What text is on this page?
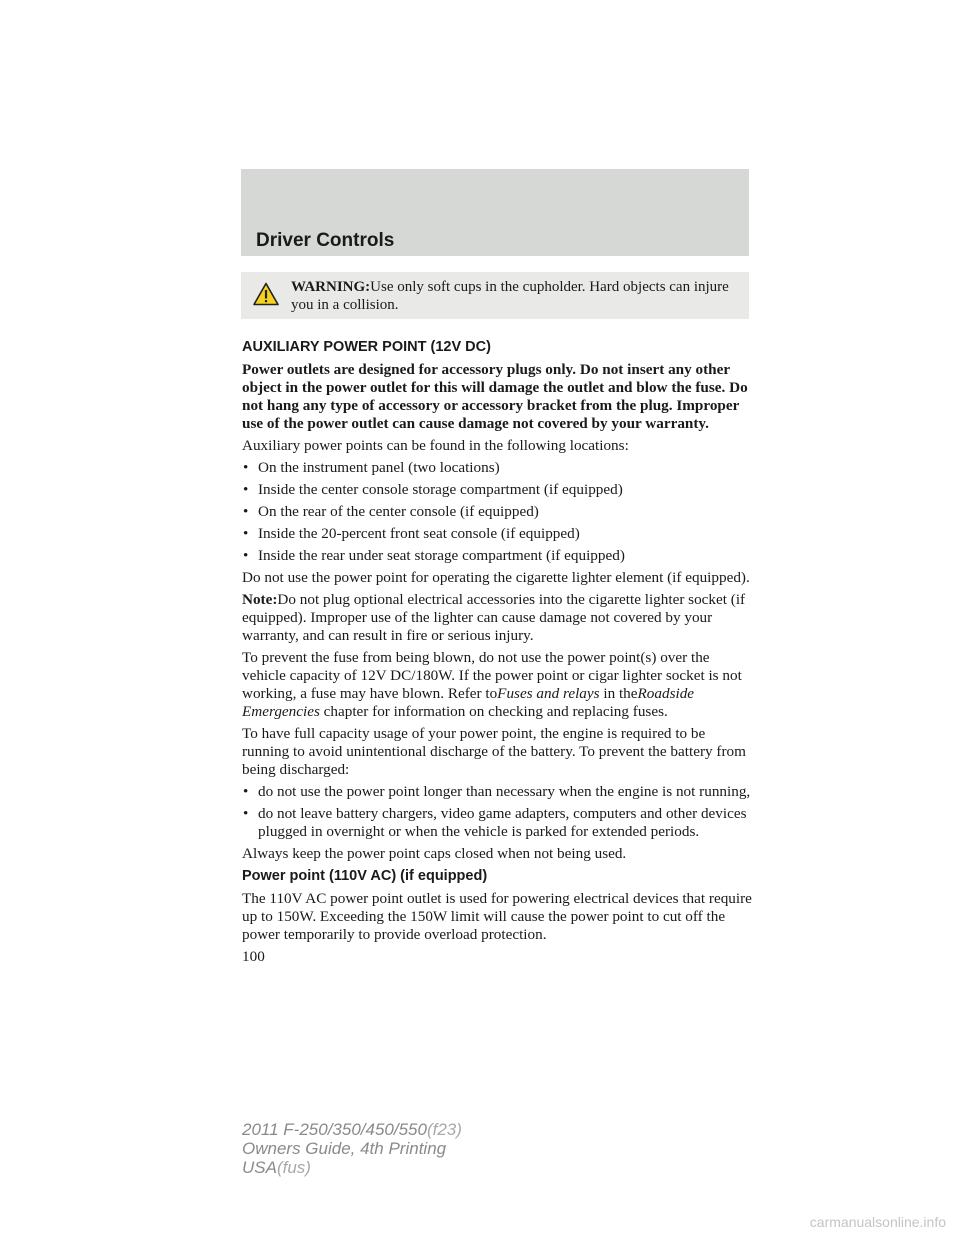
Driver Controls
WARNING:Use only soft cups in the cupholder. Hard objects can injure you in a collision.
AUXILIARY POWER POINT (12V DC)

Power outlets are designed for accessory plugs only. Do not insert any other object in the power outlet for this will damage the outlet and blow the fuse. Do not hang any type of accessory or accessory bracket from the plug. Improper use of the power outlet can cause damage not covered by your warranty.

Auxiliary power points can be found in the following locations:

• On the instrument panel (two locations)
• Inside the center console storage compartment (if equipped)
• On the rear of the center console (if equipped)
• Inside the 20-percent front seat console (if equipped)
• Inside the rear under seat storage compartment (if equipped)

Do not use the power point for operating the cigarette lighter element (if equipped).

Note:Do not plug optional electrical accessories into the cigarette lighter socket (if equipped). Improper use of the lighter can cause damage not covered by your warranty, and can result in fire or serious injury.

To prevent the fuse from being blown, do not use the power point(s) over the vehicle capacity of 12V DC/180W. If the power point or cigar lighter socket is not working, a fuse may have blown. Refer toFuses and relays in theRoadside Emergencies chapter for information on checking and replacing fuses.

To have full capacity usage of your power point, the engine is required to be running to avoid unintentional discharge of the battery. To prevent the battery from being discharged:

• do not use the power point longer than necessary when the engine is not running,
• do not leave battery chargers, video game adapters, computers and other devices plugged in overnight or when the vehicle is parked for extended periods.

Always keep the power point caps closed when not being used.

Power point (110V AC) (if equipped)

The 110V AC power point outlet is used for powering electrical devices that require up to 150W. Exceeding the 150W limit will cause the power point to cut off the power temporarily to provide overload protection.

100
2011 F-250/350/450/550(f23)
Owners Guide, 4th Printing
USA(fus)
carmanualsonline.info
